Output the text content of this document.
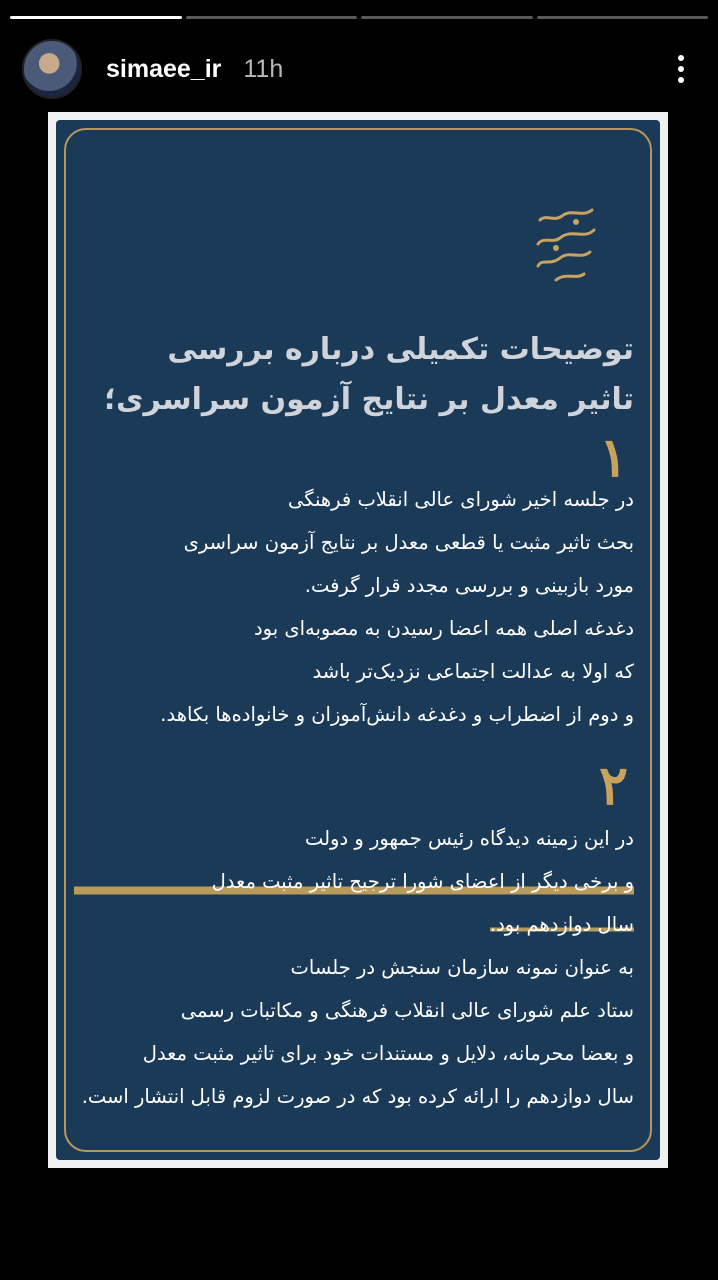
simaee_ir 11h
توضیحات تکمیلی درباره بررسی
تاثیر معدل بر نتایج آزمون سراسری؛
۱
در جلسه اخیر شورای عالی انقلاب فرهنگی
بحث تاثیر مثبت یا قطعی معدل بر نتایج آزمون سراسری
مورد بازبینی و بررسی مجدد قرار گرفت.
دغدغه اصلی همه اعضا رسیدن به مصوبه‌ای بود
که اولا به عدالت اجتماعی نزدیک‌تر باشد
و دوم از اضطراب و دغدغه دانش‌آموزان و خانواده‌ها بکاهد.
۲
در این زمینه دیدگاه رئیس جمهور و دولت
و برخی دیگر از اعضای شورا ترجیح تاثیر مثبت معدل
سال دوازدهم بود.
به عنوان نمونه سازمان سنجش در جلسات
ستاد علم شورای عالی انقلاب فرهنگی و مکاتبات رسمی
و بعضا محرمانه، دلایل و مستندات خود برای تاثیر مثبت معدل
سال دوازدهم را ارائه کرده بود که در صورت لزوم قابل انتشار است.
